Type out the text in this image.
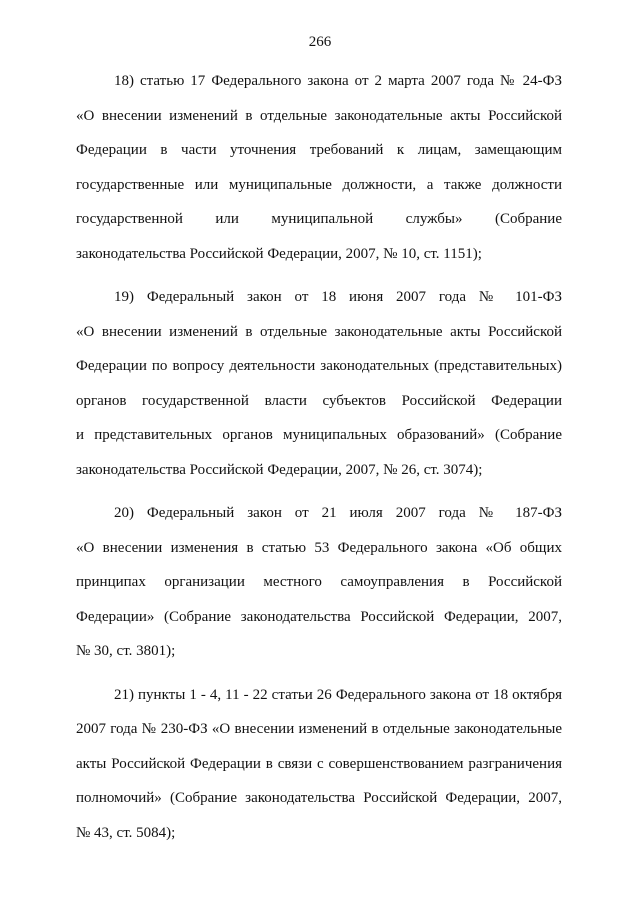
266

18) статью 17 Федерального закона от 2 марта 2007 года № 24-ФЗ
«О внесении изменений в отдельные законодательные акты Российской
Федерации в части уточнения требований к лицам, замещающим
государственные или муниципальные должности, а также должности
государственной или муниципальной службы» (Собрание
законодательства Российской Федерации, 2007, № 10, ст. 1151);

19) Федеральный закон от 18 июня 2007 года № 101-ФЗ
«О внесении изменений в отдельные законодательные акты Российской
Федерации по вопросу деятельности законодательных (представительных)
органов государственной власти субъектов Российской Федерации
и представительных органов муниципальных образований» (Собрание
законодательства Российской Федерации, 2007, № 26, ст. 3074);

20) Федеральный закон от 21 июля 2007 года № 187-ФЗ
«О внесении изменения в статью 53 Федерального закона «Об общих
принципах организации местного самоуправления в Российской
Федерации» (Собрание законодательства Российской Федерации, 2007,
№ 30, ст. 3801);

21) пункты 1 - 4, 11 - 22 статьи 26 Федерального закона от 18 октября
2007 года № 230-ФЗ «О внесении изменений в отдельные законодательные
акты Российской Федерации в связи с совершенствованием разграничения
полномочий» (Собрание законодательства Российской Федерации, 2007,
№ 43, ст. 5084);
